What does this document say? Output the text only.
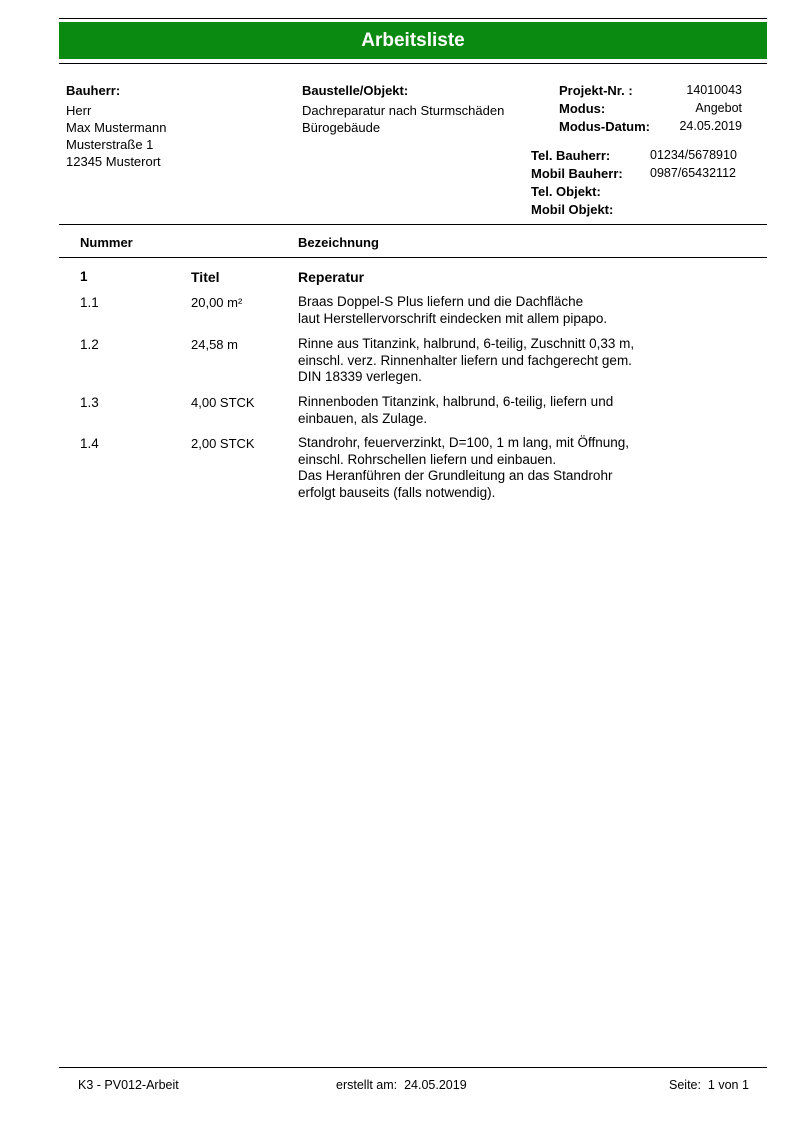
Arbeitsliste
Bauherr:
Herr
Max Mustermann
Musterstraße 1
12345 Musterort
Baustelle/Objekt:
Dachreparatur nach Sturmschäden
Bürogebäude
Projekt-Nr. :	14010043
Modus:	Angebot
Modus-Datum: 24.05.2019
Tel. Bauherr:	01234/5678910
Mobil Bauherr: 0987/65432112
Tel. Objekt:
Mobil Objekt:
Nummer	Bezeichnung
1	Titel	Reperatur
1.1	20,00 m²	Braas Doppel-S Plus liefern und die Dachfläche
laut Herstellervorschrift eindecken mit allem pipapo.
1.2	24,58 m	Rinne aus Titanzink, halbrund, 6-teilig, Zuschnitt 0,33 m,
einschl. verz. Rinnenhalter liefern und fachgerecht gem.
DIN 18339 verlegen.
1.3	4,00 STCK	Rinnenboden Titanzink, halbrund, 6-teilig, liefern und
einbauen, als Zulage.
1.4	2,00 STCK	Standrohr, feuerverzinkt, D=100, 1 m lang, mit Öffnung,
einschl. Rohrschellen liefern und einbauen.
Das Heranführen der Grundleitung an das Standrohr
erfolgt bauseits (falls notwendig).
K3 - PV012-Arbeit	erstellt am: 24.05.2019	Seite: 1 von 1
